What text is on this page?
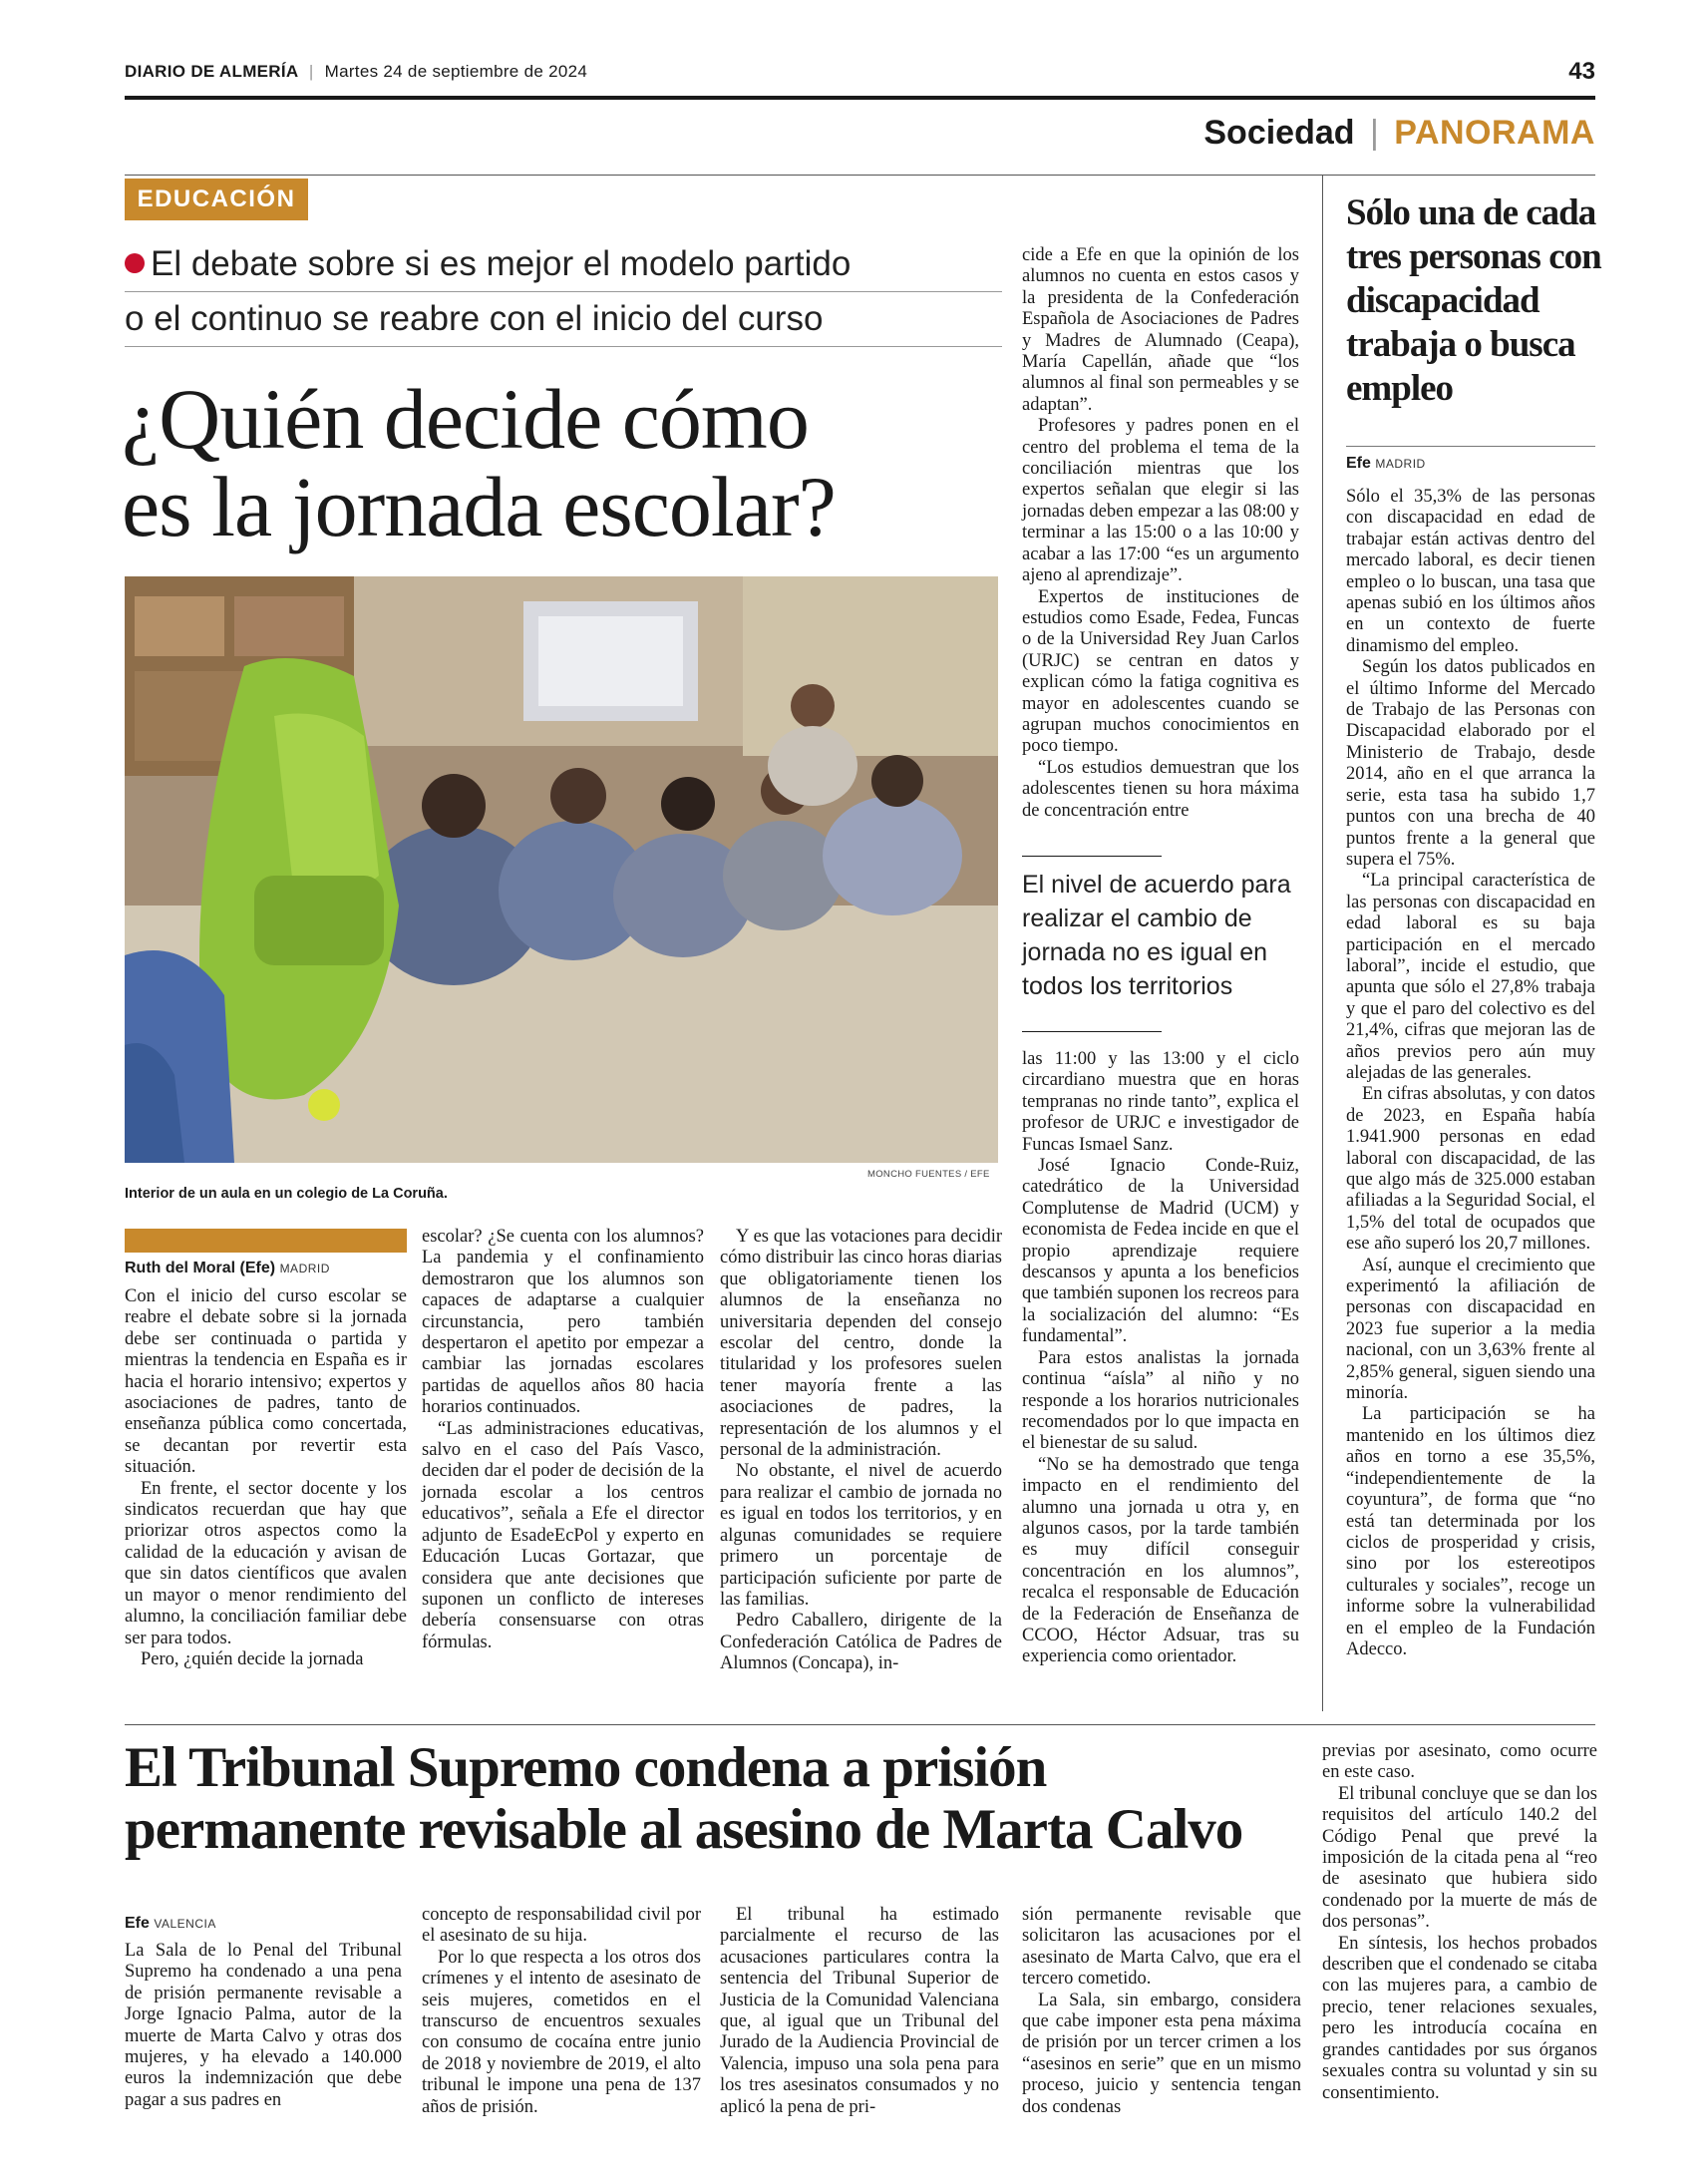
DIARIO DE ALMERÍA | Martes 24 de septiembre de 2024	43
Sociedad | PANORAMA
EDUCACIÓN
El debate sobre si es mejor el modelo partido
o el continuo se reabre con el inicio del curso
¿Quién decide cómo
es la jornada escolar?
MONCHO FUENTES / EFE
Interior de un aula en un colegio de La Coruña.
Ruth del Moral (Efe) MADRID

Con el inicio del curso escolar se reabre el debate sobre si la jornada debe ser continuada o partida y mientras la tendencia en España es ir hacia el horario intensivo; expertos y asociaciones de padres, tanto de enseñanza pública como concertada, se decantan por revertir esta situación.

En frente, el sector docente y los sindicatos recuerdan que hay que priorizar otros aspectos como la calidad de la educación y avisan de que sin datos científicos que avalen un mayor o menor rendimiento del alumno, la conciliación familiar debe ser para todos.

Pero, ¿quién decide la jornada

escolar? ¿Se cuenta con los alumnos? La pandemia y el confinamiento demostraron que los alumnos son capaces de adaptarse a cualquier circunstancia, pero también despertaron el apetito por empezar a cambiar las jornadas escolares partidas de aquellos años 80 hacia horarios continuados.

“Las administraciones educativas, salvo en el caso del País Vasco, deciden dar el poder de decisión de la jornada escolar a los centros educativos”, señala a Efe el director adjunto de EsadeEcPol y experto en Educación Lucas Gortazar, que considera que ante decisiones que suponen un conflicto de intereses debería consensuarse con otras fórmulas.

Y es que las votaciones para decidir cómo distribuir las cinco horas diarias que obligatoriamente tienen los alumnos de la enseñanza no universitaria dependen del consejo escolar del centro, donde la titularidad y los profesores suelen tener mayoría frente a las asociaciones de padres, la representación de los alumnos y el personal de la administración.

No obstante, el nivel de acuerdo para realizar el cambio de jornada no es igual en todos los territorios, y en algunas comunidades se requiere primero un porcentaje de participación suficiente por parte de las familias.

Pedro Caballero, dirigente de la Confederación Católica de Padres de Alumnos (Concapa), in-

cide a Efe en que la opinión de los alumnos no cuenta en estos casos y la presidenta de la Confederación Española de Asociaciones de Padres y Madres de Alumnado (Ceapa), María Capellán, añade que “los alumnos al final son permeables y se adaptan”.

Profesores y padres ponen en el centro del problema el tema de la conciliación mientras que los expertos señalan que elegir si las jornadas deben empezar a las 08:00 y terminar a las 15:00 o a las 10:00 y acabar a las 17:00 “es un argumento ajeno al aprendizaje”.

Expertos de instituciones de estudios como Esade, Fedea, Funcas o de la Universidad Rey Juan Carlos (URJC) se centran en datos y explican cómo la fatiga cognitiva es mayor en adolescentes cuando se agrupan muchos conocimientos en poco tiempo.

“Los estudios demuestran que los adolescentes tienen su hora máxima de concentración entre

El nivel de acuerdo para realizar el cambio de jornada no es igual en todos los territorios

las 11:00 y las 13:00 y el ciclo circardiano muestra que en horas tempranas no rinde tanto”, explica el profesor de URJC e investigador de Funcas Ismael Sanz.

José Ignacio Conde-Ruiz, catedrático de la Universidad Complutense de Madrid (UCM) y economista de Fedea incide en que el propio aprendizaje requiere descansos y apunta a los beneficios que también suponen los recreos para la socialización del alumno: “Es fundamental”.

Para estos analistas la jornada continua “aísla” al niño y no responde a los horarios nutricionales recomendados por lo que impacta en el bienestar de su salud.

“No se ha demostrado que tenga impacto en el rendimiento del alumno una jornada u otra y, en algunos casos, por la tarde también es muy difícil conseguir concentración en los alumnos”, recalca el responsable de Educación de la Federación de Enseñanza de CCOO, Héctor Adsuar, tras su experiencia como orientador.

Sólo una de cada tres personas con discapacidad trabaja o busca empleo
Efe MADRID

Sólo el 35,3% de las personas con discapacidad en edad de trabajar están activas dentro del mercado laboral, es decir tienen empleo o lo buscan, una tasa que apenas subió en los últimos años en un contexto de fuerte dinamismo del empleo.

Según los datos publicados en el último Informe del Mercado de Trabajo de las Personas con Discapacidad elaborado por el Ministerio de Trabajo, desde 2014, año en el que arranca la serie, esta tasa ha subido 1,7 puntos con una brecha de 40 puntos frente a la general que supera el 75%.

“La principal característica de las personas con discapacidad en edad laboral es su baja participación en el mercado laboral”, incide el estudio, que apunta que sólo el 27,8% trabaja y que el paro del colectivo es del 21,4%, cifras que mejoran las de años previos pero aún muy alejadas de las generales.

En cifras absolutas, y con datos de 2023, en España había 1.941.900 personas en edad laboral con discapacidad, de las que algo más de 325.000 estaban afiliadas a la Seguridad Social, el 1,5% del total de ocupados que ese año superó los 20,7 millones.

Así, aunque el crecimiento que experimentó la afiliación de personas con discapacidad en 2023 fue superior a la media nacional, con un 3,63% frente al 2,85% general, siguen siendo una minoría.

La participación se ha mantenido en los últimos diez años en torno a ese 35,5%, “independientemente de la coyuntura”, de forma que “no está tan determinada por los ciclos de prosperidad y crisis, sino por los estereotipos culturales y sociales”, recoge un informe sobre la vulnerabilidad en el empleo de la Fundación Adecco.

El Tribunal Supremo condena a prisión
permanente revisable al asesino de Marta Calvo
Efe VALENCIA

La Sala de lo Penal del Tribunal Supremo ha condenado a una pena de prisión permanente revisable a Jorge Ignacio Palma, autor de la muerte de Marta Calvo y otras dos mujeres, y ha elevado a 140.000 euros la indemnización que debe pagar a sus padres en

concepto de responsabilidad civil por el asesinato de su hija.

Por lo que respecta a los otros dos crímenes y el intento de asesinato de seis mujeres, cometidos en el transcurso de encuentros sexuales con consumo de cocaína entre junio de 2018 y noviembre de 2019, el alto tribunal le impone una pena de 137 años de prisión.

El tribunal ha estimado parcialmente el recurso de las acusaciones particulares contra la sentencia del Tribunal Superior de Justicia de la Comunidad Valenciana que, al igual que un Tribunal del Jurado de la Audiencia Provincial de Valencia, impuso una sola pena para los tres asesinatos consumados y no aplicó la pena de pri-

sión permanente revisable que solicitaron las acusaciones por el asesinato de Marta Calvo, que era el tercero cometido.

La Sala, sin embargo, considera que cabe imponer esta pena máxima de prisión por un tercer crimen a los “asesinos en serie” que en un mismo proceso, juicio y sentencia tengan dos condenas

previas por asesinato, como ocurre en este caso.

El tribunal concluye que se dan los requisitos del artículo 140.2 del Código Penal que prevé la imposición de la citada pena al “reo de asesinato que hubiera sido condenado por la muerte de más de dos personas”.

En síntesis, los hechos probados describen que el condenado se citaba con las mujeres para, a cambio de precio, tener relaciones sexuales, pero les introducía cocaína en grandes cantidades por sus órganos sexuales contra su voluntad y sin su consentimiento.
